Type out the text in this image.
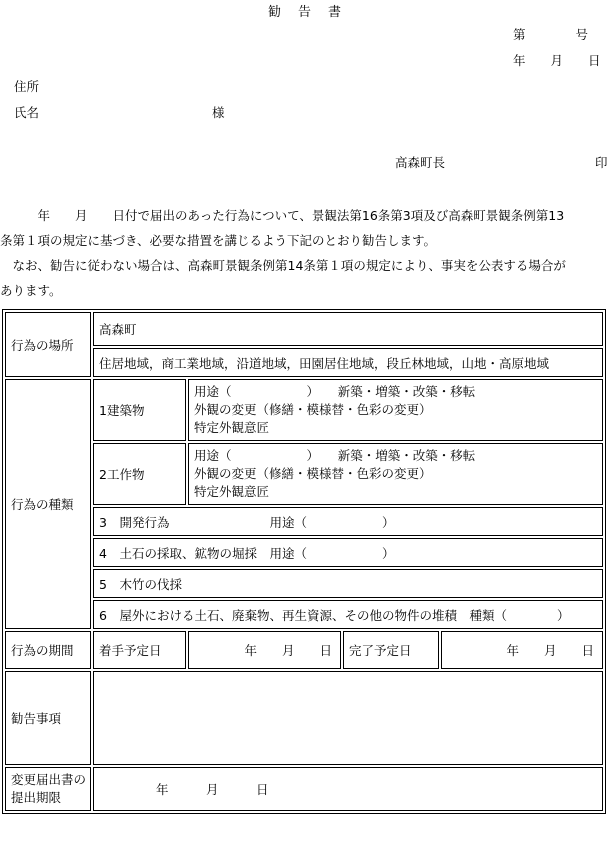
勧　告　書
第　　　　号
年　　月　　日
住所
氏名	様
高森町長	印

　　　年　　月　　日付で届出のあった行為について、景観法第16条第3項及び高森町景観条例第13

条第１項の規定に基づき、必要な措置を講じるよう下記のとおり勧告します。

　なお、勧告に従わない場合は、高森町景観条例第14条第１項の規定により、事実を公表する場合が

あります。

行為の場所	高森町			
	住居地域，商工業地域，沿道地域，田園居住地域，段丘林地域，山地・高原地域			
行為の種類	1建築物	用途（　　　　　　）　　新築・増築・改築・移転
外観の変更（修繕・模様替・色彩の変更）
特定外観意匠		

	2工作物	用途（　　　　　　）　　新築・増築・改築・移転
外観の変更（修繕・模様替・色彩の変更）
特定外観意匠		

	3　開発行為　　　　　　　　用途（　　　　　　）			
	4　土石の採取、鉱物の堀採　用途（　　　　　　）			
	5　木竹の伐採			
	6　屋外における土石、廃棄物、再生資源、その他の物件の堆積　種類（　　　　）			
行為の期間	着手予定日	年　　月　　日	完了予定日	年　　月　　日
勧告事項				

変更届出書の
提出期限	年　　　月　　　日			
